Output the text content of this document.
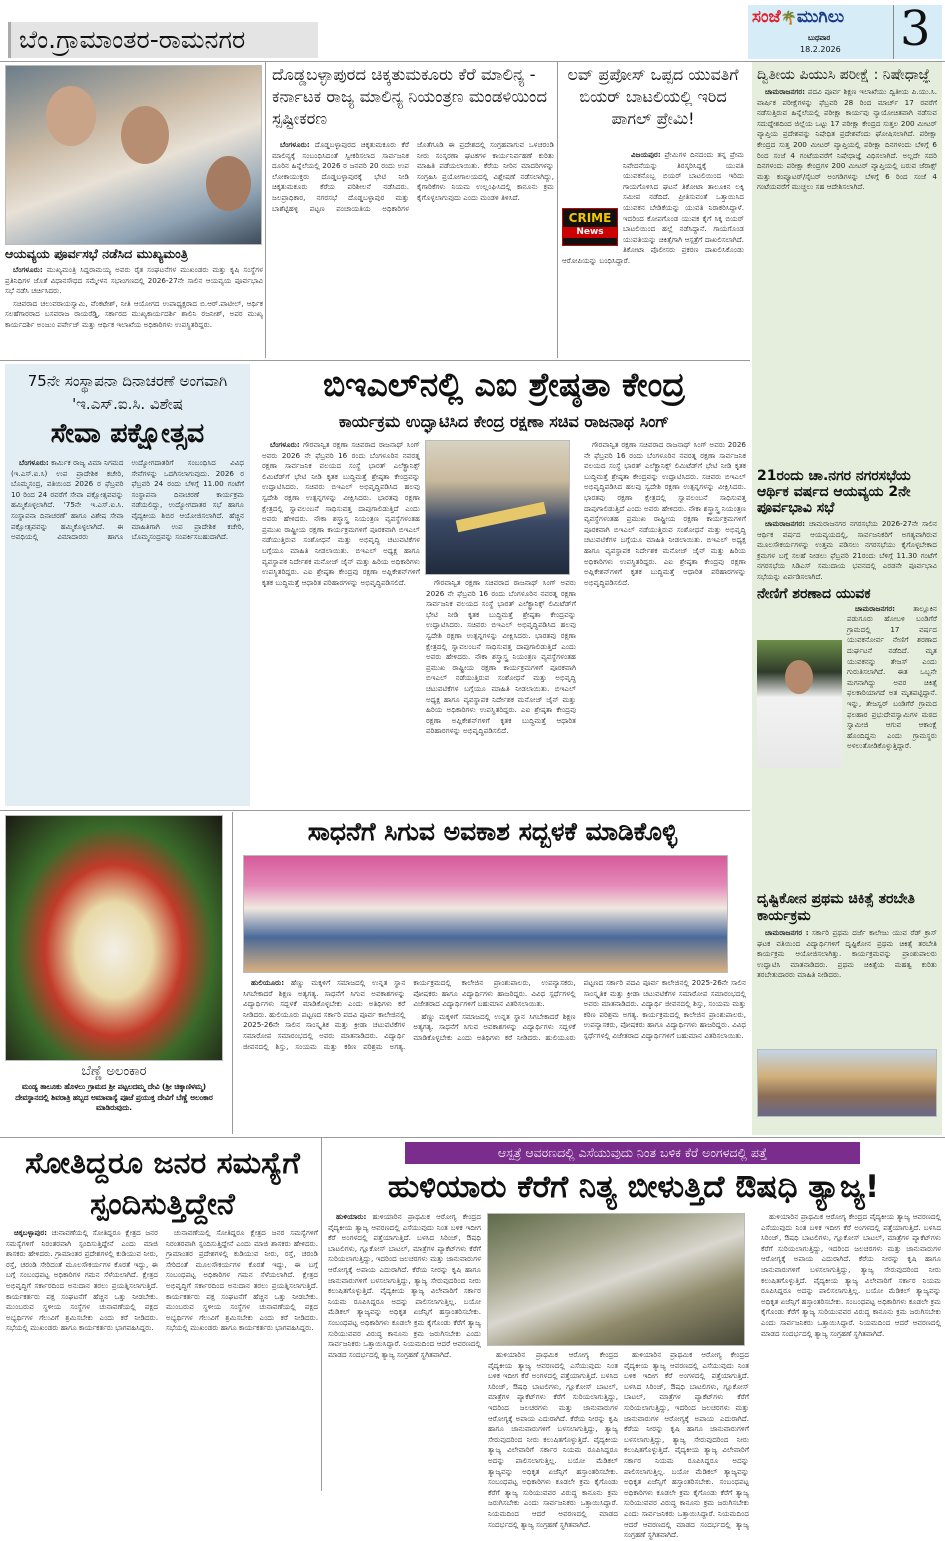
ಬೆಂ.ಗ್ರಾಮಾಂತರ-ರಾಮನಗರ
ಸಂಜೆ🌴ಮುಗಿಲು
ಬುಧವಾರ
18.2.2026 3
ಆಯವ್ಯಯ ಪೂರ್ವಸಭೆ ನಡೆಸಿದ ಮುಖ್ಯಮಂತ್ರಿ

ಬೆಂಗಳೂರು: ಮುಖ್ಯಮಂತ್ರಿ ಸಿದ್ದರಾಮಯ್ಯ ಅವರು ರೈತ ಸಂಘಟನೆಗಳ ಮುಖಂಡರು ಮತ್ತು ಕೃಷಿ ಸಂಸ್ಥೆಗಳ ಪ್ರತಿನಿಧಿಗಳ ಜೊತೆ ವಿಧಾನಸೌಧದ ಸಮ್ಮೇಳನ ಸಭಾಂಗಣದಲ್ಲಿ 2026-27ನೇ ಸಾಲಿನ ಆಯವ್ಯಯ ಪೂರ್ವಭಾವಿ ಸಭೆ ನಡೆಸಿ ಚರ್ಚಿಸಿದರು.

ಸಚಿವರಾದ ಚಲುವರಾಯಸ್ವಾಮಿ, ವೆಂಕಟೇಶ್, ನೀತಿ ಆಯೋಗದ ಉಪಾಧ್ಯಕ್ಷರಾದ ಬಿ.ಆರ್.ಪಾಟೀಲ್, ಆರ್ಥಿಕ ಸಲಹೆಗಾರರಾದ ಬಸವರಾಜ ರಾಯರೆಡ್ಡಿ, ಸರ್ಕಾರದ ಮುಖ್ಯಕಾರ್ಯದರ್ಶಿ ಶಾಲಿನಿ ರಜನೀಶ್, ಅಪರ ಮುಖ್ಯ ಕಾರ್ಯದರ್ಶಿ ಅಂಜುಂ ಪರ್ವೇಜ್ ಮತ್ತು ಆರ್ಥಿಕ ಇಲಾಖೆಯ ಅಧಿಕಾರಿಗಳು ಉಪಸ್ಥಿತರಿದ್ದರು.

ದೊಡ್ಡಬಳ್ಳಾಪುರದ ಚಿಕ್ಕತುಮಕೂರು ಕೆರೆ ಮಾಲಿನ್ಯ - ಕರ್ನಾಟಕ ರಾಜ್ಯ ಮಾಲಿನ್ಯ ನಿಯಂತ್ರಣ ಮಂಡಳಿಯಿಂದ ಸ್ಪಷ್ಟೀಕರಣ

ಬೆಂಗಳೂರು: ದೊಡ್ಡಬಳ್ಳಾಪುರದ ಚಿಕ್ಕತುಮಕೂರು ಕೆರೆ ಮಾಲಿನ್ಯಕ್ಕೆ ಸಂಬಂಧಿಸಿದಂತೆ ಸ್ವೀಕರಿಸಲಾದ ಸಾರ್ವಜನಿಕ ದೂರಿನ ಹಿನ್ನೆಲೆಯಲ್ಲಿ 2026 ರ ಜನವರಿ 20 ರಂದು ಉಪ ಲೋಕಾಯುಕ್ತರು ದೊಡ್ಡಬಳ್ಳಾಪುರಕ್ಕೆ ಭೇಟಿ ನೀಡಿ ಚಿಕ್ಕತುಮಕೂರು ಕೆರೆಯ ಪರಿಶೀಲನೆ ನಡೆಸಿದರು. ಜಲಪ್ರಾಧಿಕಾರ, ನಗರಸಭೆ ದೊಡ್ಡಬಳ್ಳಾಪುರ ಮತ್ತು ಬಾಶೆಟ್ಟಿಹಳ್ಳಿ ಪಟ್ಟಣ ಪಂಚಾಯತಿಯ ಅಧಿಕಾರಿಗಳ ಜೊತೆಗೂಡಿ ಈ ಪ್ರದೇಶದಲ್ಲಿ ಸಂಗ್ರಹವಾಗುವ ಒಳಚರಂಡಿ ನೀರು ಸಂಸ್ಕರಣಾ ಘಟಕಗಳ ಕಾರ್ಯನಿರ್ವಹಣೆ ಕುರಿತು ಮಾಹಿತಿ ಪಡೆಯಲಾಯಿತು. ಕೆರೆಯ ನೀರಿನ ಮಾದರಿಗಳನ್ನು ಸಂಗ್ರಹಿಸಿ ಪ್ರಯೋಗಾಲಯದಲ್ಲಿ ವಿಶ್ಲೇಷಣೆ ನಡೆಸಲಾಗಿದ್ದು, ಕೈಗಾರಿಕೆಗಳು ನಿಯಮ ಉಲ್ಲಂಘಿಸಿದಲ್ಲಿ ಕಾನೂನು ಕ್ರಮ ಕೈಗೊಳ್ಳಲಾಗುವುದು ಎಂದು ಮಂಡಳಿ ತಿಳಿಸಿದೆ.

ಲವ್ ಪ್ರಪೋಸ್ ಒಪ್ಪದ ಯುವತಿಗೆ ಬಿಯರ್ ಬಾಟಲಿಯಲ್ಲಿ ಇರಿದ ಪಾಗಲ್ ಪ್ರೇಮಿ!
CRIME
News

ವಿಜಯಪುರ: ಪ್ರೇಮಿಗಳ ದಿನದಂದು ತನ್ನ ಪ್ರೇಮ ನಿವೇದನೆಯನ್ನು ತಿರಸ್ಕರಿಸಿದ್ದಕ್ಕೆ ಯುವತಿ ಯುವಕನೊಬ್ಬ ಬಿಯರ್ ಬಾಟಲಿಯಿಂದ ಇರಿದು ಗಾಯಗೊಳಿಸಿದ ಘಟನೆ ತಿಕೋಟಾ ತಾಲೂಕಿನ ಲಕ್ಕಿ ಸಮೀಪ ನಡೆದಿದೆ. ಪ್ರೀತಿಸುವಂತೆ ಒತ್ತಾಯಿಸಿದ ಯುವಕನ ಬೇಡಿಕೆಯನ್ನು ಯುವತಿ ನಿರಾಕರಿಸಿದ್ದಾಳೆ. ಇದರಿಂದ ಕೋಪಗೊಂಡ ಯುವಕ ಕೈಗೆ ಸಿಕ್ಕ ಬಿಯರ್ ಬಾಟಲಿಯಿಂದ ಹಲ್ಲೆ ನಡೆಸಿದ್ದಾನೆ. ಗಾಯಗೊಂಡ ಯುವತಿಯನ್ನು ಚಿಕಿತ್ಸೆಗಾಗಿ ಆಸ್ಪತ್ರೆಗೆ ದಾಖಲಿಸಲಾಗಿದೆ. ತಿಕೋಟಾ ಪೊಲೀಸರು ಪ್ರಕರಣ ದಾಖಲಿಸಿಕೊಂಡು ಆರೋಪಿಯನ್ನು ಬಂಧಿಸಿದ್ದಾರೆ.

ದ್ವಿತೀಯ ಪಿಯುಸಿ ಪರೀಕ್ಷೆ : ನಿಷೇಧಾಜ್ಞೆ

ಚಾಮರಾಜನಗರ: ಪದವಿ ಪೂರ್ವ ಶಿಕ್ಷಣ ಇಲಾಖೆಯು ದ್ವಿತೀಯ ಪಿ.ಯು.ಸಿ. ವಾರ್ಷಿಕ ಪರೀಕ್ಷೆಗಳನ್ನು ಫೆಬ್ರವರಿ 28 ರಿಂದ ಮಾರ್ಚ್ 17 ರವರೆಗೆ ನಡೆಸುತ್ತಿರುವ ಹಿನ್ನೆಲೆಯಲ್ಲಿ ಪರೀಕ್ಷಾ ಕಾರ್ಯವು ನ್ಯಾಯೋಚಿತವಾಗಿ ನಡೆಸುವ ಸದುದ್ದೇಶದಿಂದ ಜಿಲ್ಲೆಯ ಒಟ್ಟು 17 ಪರೀಕ್ಷಾ ಕೇಂದ್ರದ ಸುತ್ತಲ 200 ಮೀಟರ್ ವ್ಯಾಪ್ತಿಯ ಪ್ರದೇಶವನ್ನು ನಿಷೇಧಿತ ಪ್ರದೇಶವೆಂದು ಘೋಷಿಸಲಾಗಿದೆ. ಪರೀಕ್ಷಾ ಕೇಂದ್ರದ ಸುತ್ತ 200 ಮೀಟರ್ ವ್ಯಾಪ್ತಿಯಲ್ಲಿ ಪರೀಕ್ಷಾ ದಿನಗಳಂದು ಬೆಳಿಗ್ಗೆ 6 ರಿಂದ ಸಂಜೆ 4 ಗಂಟೆಯವರೆಗೆ ನಿಷೇಧಾಜ್ಞೆ ವಿಧಿಸಲಾಗಿದೆ. ಅಲ್ಲದೇ ಸದರಿ ದಿನಗಳಂದು ಪರೀಕ್ಷಾ ಕೇಂದ್ರಗಳ 200 ಮೀಟರ್ ವ್ಯಾಪ್ತಿಯಲ್ಲಿ ಬರುವ ಜೆರಾಕ್ಸ್ ಮತ್ತು ಕಂಪ್ಯೂಟರ್/ಸೈಬರ್ ಅಂಗಡಿಗಳನ್ನು ಬೆಳಿಗ್ಗೆ 6 ರಿಂದ ಸಂಜೆ 4 ಗಂಟೆಯವರೆಗೆ ಮುಚ್ಚಲು ಸಹ ಆದೇಶಿಸಲಾಗಿದೆ.

21ರಂದು ಚಾ.ನಗರ ನಗರಸಭೆಯ ಆರ್ಥಿಕ ವರ್ಷದ ಆಯವ್ಯಯ 2ನೇ ಪೂರ್ವಭಾವಿ ಸಭೆ

ಚಾಮರಾಜನಗರ: ಚಾಮರಾಜನಗರ ನಗರಸಭೆಯ 2026-27ನೇ ಸಾಲಿನ ಆರ್ಥಿಕ ವರ್ಷದ ಆಯವ್ಯಯದಲ್ಲಿ, ಸಾರ್ವಜನಿಕರಿಗೆ ಅಗತ್ಯವಾಗಿರುವ ಮೂಲಸೌಕರ್ಯಗಳನ್ನು ಉತ್ತಮ ಪಡಿಸಲು ನಗರಸಭೆಯು ಕೈಗೊಳ್ಳಬೇಕಾದ ಕ್ರಮಗಳ ಬಗ್ಗೆ ಸಲಹೆ ನೀಡಲು ಫೆಬ್ರವರಿ 21ರಂದು ಬೆಳಿಗ್ಗೆ 11.30 ಗಂಟೆಗೆ ನಗರಸಭೆಯ ಸಿಡಿಎಸ್ ಸಮುದಾಯ ಭವನದಲ್ಲಿ ಎರಡನೇ ಪೂರ್ವಭಾವಿ ಸಭೆಯನ್ನು ಏರ್ಪಡಿಸಲಾಗಿದೆ.

ನೇಣಿಗೆ ಶರಣಾದ ಯುವಕ

ಚಾಮರಾಜನಗರ:	ತಾಲ್ಲೂಕಿನ ಪಡುಗೂರು ಹೋಬಳಿ ಬಂಡಿಗೆರೆ ಗ್ರಾಮದಲ್ಲಿ 17 ವರ್ಷದ ಯುವಕನೋರ್ವ ನೇಣಿಗೆ ಶರಣಾದ ದುರ್ಘಟನೆ ನಡೆದಿದೆ. ಮೃತ ಯುವಕನನ್ನು ತೇಜಸ್ ಎಂದು ಗುರುತಿಸಲಾಗಿದೆ. ಈತ ಒಬ್ಬನೇ ಮಗನಾಗಿದ್ದು ಅವರ ಚಿಕಿತ್ಸೆ ಫಲಕಾರಿಯಾಗದೆ ಅತ ಮೃತಪಟ್ಟಿದ್ದಾನೆ. ಇನ್ನು, ತೇಜಸ್ವರ್ ಬಂಡಿಗೆರೆ ಗ್ರಾಮದ ಫಲಹಾರ ಪ್ರಭುದೇವಸ್ವಾಮಿಗಳ ಮಠದ ಸ್ವಾಮೀಜಿ ಆಗುವ ಆಕಾಂಕ್ಷೆ ಹೊಂದಿದ್ದನು ಎಂದು ಗ್ರಾಮಸ್ಥರು ಅಳಲುತೋಡಿಕೊಳ್ಳುತ್ತಿದ್ದಾರೆ.

ದೃಷ್ಟಿಕೋನ ಪ್ರಥಮ ಚಿಕಿತ್ಸೆ ತರಬೇತಿ ಕಾರ್ಯಕ್ರಮ

ಚಾಮರಾಜನಗರ : ಸರ್ಕಾರಿ ಪ್ರಥಮ ದರ್ಜೆ ಕಾಲೇಜು ಯುವ ರೆಡ್ ಕ್ರಾಸ್ ಘಟಕ ವತಿಯಿಂದ ವಿದ್ಯಾರ್ಥಿಗಳಿಗೆ ದೃಷ್ಟಿಕೋನ ಪ್ರಥಮ ಚಿಕಿತ್ಸೆ ತರಬೇತಿ ಕಾರ್ಯಕ್ರಮ ಆಯೋಜಿಸಲಾಗಿತ್ತು. ಕಾರ್ಯಕ್ರಮವನ್ನು ಪ್ರಾಂಶುಪಾಲರು ಉದ್ಘಾಟಿಸಿ ಮಾತನಾಡಿದರು. ಪ್ರಥಮ ಚಿಕಿತ್ಸೆಯ ಮಹತ್ವ ಕುರಿತು ತರಬೇತುದಾರರು ಮಾಹಿತಿ ನೀಡಿದರು.

75ನೇ ಸಂಸ್ಥಾಪನಾ ದಿನಾಚರಣೆ ಅಂಗವಾಗಿ 'ಇ.ಎಸ್.ಐ.ಸಿ. ವಿಶೇಷ
ಸೇವಾ ಪಕ್ಷೋತ್ಸವ

ಬೆಂಗಳೂರು: ಕಾರ್ಮಿಕ ರಾಜ್ಯ ವಿಮಾ ನಿಗಮದ (ಇ.ಎಸ್.ಐ.ಸಿ) ಉಪ ಪ್ರಾದೇಶಿಕ ಕಚೇರಿ, ಬೊಮ್ಮಸಂದ್ರ, ವತಿಯಿಂದ 2026 ರ ಫೆಬ್ರವರಿ 10 ರಿಂದ 24 ರವರೆಗೆ ಸೇವಾ ಪಕ್ಷೋತ್ಸವವನ್ನು ಹಮ್ಮಿಕೊಳ್ಳಲಾಗಿದೆ. '75ನೇ ಇ.ಎಸ್.ಐ.ಸಿ. ಸಂಸ್ಥಾಪನಾ ದಿನಾಚರಣೆ' ಹಾಗೂ ವಿಶೇಷ ಸೇವಾ ಪಕ್ಷೋತ್ಸವವನ್ನು ಹಮ್ಮಿಕೊಳ್ಳಲಾಗಿದೆ. ಈ ಅವಧಿಯಲ್ಲಿ ವಿಮಾದಾರರು ಹಾಗೂ ಉದ್ಯೋಗದಾತರಿಗೆ ಸಂಬಂಧಿಸಿದ ವಿವಿಧ ಸೇವೆಗಳನ್ನು ಒದಗಿಸಲಾಗುವುದು. 2026 ರ ಫೆಬ್ರವರಿ 24 ರಂದು ಬೆಳಿಗ್ಗೆ 11.00 ಗಂಟೆಗೆ ಸಂಸ್ಥಾಪನಾ ದಿನಾಚರಣೆ ಕಾರ್ಯಕ್ರಮ ನಡೆಯಲಿದ್ದು, ಉದ್ಯೋಗದಾತರ ಸಭೆ ಹಾಗೂ ವೈದ್ಯಕೀಯ ಶಿಬಿರ ಆಯೋಜಿಸಲಾಗಿದೆ. ಹೆಚ್ಚಿನ ಮಾಹಿತಿಗಾಗಿ ಉಪ ಪ್ರಾದೇಶಿಕ ಕಚೇರಿ, ಬೊಮ್ಮಸಂದ್ರವನ್ನು ಸಂಪರ್ಕಿಸಬಹುದಾಗಿದೆ.

ಬಿಇಎಲ್‌ನಲ್ಲಿ ಎಐ ಶ್ರೇಷ್ಠತಾ ಕೇಂದ್ರ
ಕಾರ್ಯಕ್ರಮ ಉದ್ಘಾಟಿಸಿದ ಕೇಂದ್ರ ರಕ್ಷಣಾ ಸಚಿವ ರಾಜನಾಥ ಸಿಂಗ್

ಬೆಂಗಳೂರು: ಗೌರವಾನ್ವಿತ ರಕ್ಷಣಾ ಸಚಿವರಾದ ರಾಜನಾಥ್ ಸಿಂಗ್ ಅವರು 2026 ನೇ ಫೆಬ್ರವರಿ 16 ರಂದು ಬೆಂಗಳೂರಿನ ನವರತ್ನ ರಕ್ಷಣಾ ಸಾರ್ವಜನಿಕ ವಲಯದ ಸಂಸ್ಥೆ ಭಾರತ್ ಎಲೆಕ್ಟ್ರಾನಿಕ್ಸ್ ಲಿಮಿಟೆಡ್‌ಗೆ ಭೇಟಿ ನೀಡಿ ಕೃತಕ ಬುದ್ಧಿಮತ್ತೆ ಶ್ರೇಷ್ಠತಾ ಕೇಂದ್ರವನ್ನು ಉದ್ಘಾಟಿಸಿದರು. ಸಚಿವರು ಬಿಇಎಲ್ ಅಭಿವೃದ್ಧಿಪಡಿಸಿದ ಹಲವು ಸ್ವದೇಶಿ ರಕ್ಷಣಾ ಉತ್ಪನ್ನಗಳನ್ನು ವೀಕ್ಷಿಸಿದರು. ಭಾರತವು ರಕ್ಷಣಾ ಕ್ಷೇತ್ರದಲ್ಲಿ ಸ್ವಾವಲಂಬನೆ ಸಾಧಿಸುವತ್ತ ದಾಪುಗಾಲಿಡುತ್ತಿದೆ ಎಂದು ಅವರು ಹೇಳಿದರು. ನೌಕಾ ಶಸ್ತ್ರಾಸ್ತ್ರ ನಿಯಂತ್ರಣ ವ್ಯವಸ್ಥೆಗಳಂತಹ ಪ್ರಮುಖ ರಾಷ್ಟ್ರೀಯ ರಕ್ಷಣಾ ಕಾರ್ಯಕ್ರಮಗಳಿಗೆ ಪೂರಕವಾಗಿ ಬಿಇಎಲ್ ನಡೆಯುತ್ತಿರುವ ಸಂಶೋಧನೆ ಮತ್ತು ಅಭಿವೃದ್ಧಿ ಚಟುವಟಿಕೆಗಳ ಬಗ್ಗೆಯೂ ಮಾಹಿತಿ ನೀಡಲಾಯಿತು. ಬಿಇಎಲ್ ಅಧ್ಯಕ್ಷ ಹಾಗೂ ವ್ಯವಸ್ಥಾಪಕ ನಿರ್ದೇಶಕ ಮನೋಜ್ ಜೈನ್ ಮತ್ತು ಹಿರಿಯ ಅಧಿಕಾರಿಗಳು ಉಪಸ್ಥಿತರಿದ್ದರು. ಎಐ ಶ್ರೇಷ್ಠತಾ ಕೇಂದ್ರವು ರಕ್ಷಣಾ ಅಪ್ಲಿಕೇಶನ್‌ಗಳಿಗೆ ಕೃತಕ ಬುದ್ಧಿಮತ್ತೆ ಆಧಾರಿತ ಪರಿಹಾರಗಳನ್ನು ಅಭಿವೃದ್ಧಿಪಡಿಸಲಿದೆ.	ಗೌರವಾನ್ವಿತ ರಕ್ಷಣಾ ಸಚಿವರಾದ ರಾಜನಾಥ್ ಸಿಂಗ್ ಅವರು 2026 ನೇ ಫೆಬ್ರವರಿ 16 ರಂದು ಬೆಂಗಳೂರಿನ ನವರತ್ನ ರಕ್ಷಣಾ ಸಾರ್ವಜನಿಕ ವಲಯದ ಸಂಸ್ಥೆ ಭಾರತ್ ಎಲೆಕ್ಟ್ರಾನಿಕ್ಸ್ ಲಿಮಿಟೆಡ್‌ಗೆ ಭೇಟಿ ನೀಡಿ ಕೃತಕ ಬುದ್ಧಿಮತ್ತೆ ಶ್ರೇಷ್ಠತಾ ಕೇಂದ್ರವನ್ನು ಉದ್ಘಾಟಿಸಿದರು. ಸಚಿವರು ಬಿಇಎಲ್ ಅಭಿವೃದ್ಧಿಪಡಿಸಿದ ಹಲವು ಸ್ವದೇಶಿ ರಕ್ಷಣಾ ಉತ್ಪನ್ನಗಳನ್ನು ವೀಕ್ಷಿಸಿದರು. ಭಾರತವು ರಕ್ಷಣಾ ಕ್ಷೇತ್ರದಲ್ಲಿ ಸ್ವಾವಲಂಬನೆ ಸಾಧಿಸುವತ್ತ ದಾಪುಗಾಲಿಡುತ್ತಿದೆ ಎಂದು ಅವರು ಹೇಳಿದರು. ನೌಕಾ ಶಸ್ತ್ರಾಸ್ತ್ರ ನಿಯಂತ್ರಣ ವ್ಯವಸ್ಥೆಗಳಂತಹ ಪ್ರಮುಖ ರಾಷ್ಟ್ರೀಯ ರಕ್ಷಣಾ ಕಾರ್ಯಕ್ರಮಗಳಿಗೆ ಪೂರಕವಾಗಿ ಬಿಇಎಲ್ ನಡೆಯುತ್ತಿರುವ ಸಂಶೋಧನೆ ಮತ್ತು ಅಭಿವೃದ್ಧಿ ಚಟುವಟಿಕೆಗಳ ಬಗ್ಗೆಯೂ ಮಾಹಿತಿ ನೀಡಲಾಯಿತು. ಬಿಇಎಲ್ ಅಧ್ಯಕ್ಷ ಹಾಗೂ ವ್ಯವಸ್ಥಾಪಕ ನಿರ್ದೇಶಕ ಮನೋಜ್ ಜೈನ್ ಮತ್ತು ಹಿರಿಯ ಅಧಿಕಾರಿಗಳು ಉಪಸ್ಥಿತರಿದ್ದರು. ಎಐ ಶ್ರೇಷ್ಠತಾ ಕೇಂದ್ರವು ರಕ್ಷಣಾ ಅಪ್ಲಿಕೇಶನ್‌ಗಳಿಗೆ ಕೃತಕ ಬುದ್ಧಿಮತ್ತೆ ಆಧಾರಿತ ಪರಿಹಾರಗಳನ್ನು ಅಭಿವೃದ್ಧಿಪಡಿಸಲಿದೆ.

ಗೌರವಾನ್ವಿತ ರಕ್ಷಣಾ ಸಚಿವರಾದ ರಾಜನಾಥ್ ಸಿಂಗ್ ಅವರು 2026 ನೇ ಫೆಬ್ರವರಿ 16 ರಂದು ಬೆಂಗಳೂರಿನ ನವರತ್ನ ರಕ್ಷಣಾ ಸಾರ್ವಜನಿಕ ವಲಯದ ಸಂಸ್ಥೆ ಭಾರತ್ ಎಲೆಕ್ಟ್ರಾನಿಕ್ಸ್ ಲಿಮಿಟೆಡ್‌ಗೆ ಭೇಟಿ ನೀಡಿ ಕೃತಕ ಬುದ್ಧಿಮತ್ತೆ ಶ್ರೇಷ್ಠತಾ ಕೇಂದ್ರವನ್ನು ಉದ್ಘಾಟಿಸಿದರು. ಸಚಿವರು ಬಿಇಎಲ್ ಅಭಿವೃದ್ಧಿಪಡಿಸಿದ ಹಲವು ಸ್ವದೇಶಿ ರಕ್ಷಣಾ ಉತ್ಪನ್ನಗಳನ್ನು ವೀಕ್ಷಿಸಿದರು. ಭಾರತವು ರಕ್ಷಣಾ ಕ್ಷೇತ್ರದಲ್ಲಿ ಸ್ವಾವಲಂಬನೆ ಸಾಧಿಸುವತ್ತ ದಾಪುಗಾಲಿಡುತ್ತಿದೆ ಎಂದು ಅವರು ಹೇಳಿದರು. ನೌಕಾ ಶಸ್ತ್ರಾಸ್ತ್ರ ನಿಯಂತ್ರಣ ವ್ಯವಸ್ಥೆಗಳಂತಹ ಪ್ರಮುಖ ರಾಷ್ಟ್ರೀಯ ರಕ್ಷಣಾ ಕಾರ್ಯಕ್ರಮಗಳಿಗೆ ಪೂರಕವಾಗಿ ಬಿಇಎಲ್ ನಡೆಯುತ್ತಿರುವ ಸಂಶೋಧನೆ ಮತ್ತು ಅಭಿವೃದ್ಧಿ ಚಟುವಟಿಕೆಗಳ ಬಗ್ಗೆಯೂ ಮಾಹಿತಿ ನೀಡಲಾಯಿತು. ಬಿಇಎಲ್ ಅಧ್ಯಕ್ಷ ಹಾಗೂ ವ್ಯವಸ್ಥಾಪಕ ನಿರ್ದೇಶಕ ಮನೋಜ್ ಜೈನ್ ಮತ್ತು ಹಿರಿಯ ಅಧಿಕಾರಿಗಳು ಉಪಸ್ಥಿತರಿದ್ದರು. ಎಐ ಶ್ರೇಷ್ಠತಾ ಕೇಂದ್ರವು ರಕ್ಷಣಾ ಅಪ್ಲಿಕೇಶನ್‌ಗಳಿಗೆ ಕೃತಕ ಬುದ್ಧಿಮತ್ತೆ ಆಧಾರಿತ ಪರಿಹಾರಗಳನ್ನು ಅಭಿವೃದ್ಧಿಪಡಿಸಲಿದೆ.

ಬೆಣ್ಣೆ ಅಲಂಕಾರ
ಮಂಡ್ಯ ತಾಲೂಕು ಹೊಳಲು ಗ್ರಾಮದ ಶ್ರೀ ಪಟ್ಟಲದಮ್ಮ ದೇವಿ (ಶ್ರೀ ಚಿಕ್ಕಾಣಿಳಮ್ಮ) ದೇವಸ್ಥಾನದಲ್ಲಿ ಶಿವರಾತ್ರಿ ಹಬ್ಬದ ಅಮಾವಾಸ್ಯೆ ಪೂಜೆ ಪ್ರಯುಕ್ತ ದೇವಿಗೆ ಬೆಣ್ಣೆ ಅಲಂಕಾರ ಮಾಡಿರುವುದು.
ಸಾಧನೆಗೆ ಸಿಗುವ ಅವಕಾಶ ಸದ್ಬಳಕೆ ಮಾಡಿಕೊಳ್ಳಿ

ಹುಲಿಯೂರು: ಹೆಣ್ಣು ಮಕ್ಕಳಿಗೆ ಸಮಾಜದಲ್ಲಿ ಉನ್ನತ ಸ್ಥಾನ ಸಿಗಬೇಕಾದರೆ ಶಿಕ್ಷಣ ಅತ್ಯಗತ್ಯ. ಸಾಧನೆಗೆ ಸಿಗುವ ಅವಕಾಶಗಳನ್ನು ವಿದ್ಯಾರ್ಥಿಗಳು ಸದ್ಬಳಕೆ ಮಾಡಿಕೊಳ್ಳಬೇಕು ಎಂದು ಅತಿಥಿಗಳು ಕರೆ ನೀಡಿದರು. ಹುಲಿಯೂರು ಪಟ್ಟಣದ ಸರ್ಕಾರಿ ಪದವಿ ಪೂರ್ವ ಕಾಲೇಜಿನಲ್ಲಿ 2025-26ನೇ ಸಾಲಿನ ಸಾಂಸ್ಕೃತಿಕ ಮತ್ತು ಕ್ರೀಡಾ ಚಟುವಟಿಕೆಗಳ ಸಮಾರೋಪ ಸಮಾರಂಭದಲ್ಲಿ ಅವರು ಮಾತನಾಡಿದರು. ವಿದ್ಯಾರ್ಥಿ ಜೀವನದಲ್ಲಿ ಶಿಸ್ತು, ಸಂಯಮ ಮತ್ತು ಕಠಿಣ ಪರಿಶ್ರಮ ಅಗತ್ಯ. ಕಾರ್ಯಕ್ರಮದಲ್ಲಿ ಕಾಲೇಜಿನ ಪ್ರಾಂಶುಪಾಲರು, ಉಪನ್ಯಾಸಕರು, ಪೋಷಕರು ಹಾಗೂ ವಿದ್ಯಾರ್ಥಿಗಳು ಹಾಜರಿದ್ದರು. ವಿವಿಧ ಸ್ಪರ್ಧೆಗಳಲ್ಲಿ ವಿಜೇತರಾದ ವಿದ್ಯಾರ್ಥಿಗಳಿಗೆ ಬಹುಮಾನ ವಿತರಿಸಲಾಯಿತು.

ಹೆಣ್ಣು ಮಕ್ಕಳಿಗೆ ಸಮಾಜದಲ್ಲಿ ಉನ್ನತ ಸ್ಥಾನ ಸಿಗಬೇಕಾದರೆ ಶಿಕ್ಷಣ ಅತ್ಯಗತ್ಯ. ಸಾಧನೆಗೆ ಸಿಗುವ ಅವಕಾಶಗಳನ್ನು ವಿದ್ಯಾರ್ಥಿಗಳು ಸದ್ಬಳಕೆ ಮಾಡಿಕೊಳ್ಳಬೇಕು ಎಂದು ಅತಿಥಿಗಳು ಕರೆ ನೀಡಿದರು. ಹುಲಿಯೂರು ಪಟ್ಟಣದ ಸರ್ಕಾರಿ ಪದವಿ ಪೂರ್ವ ಕಾಲೇಜಿನಲ್ಲಿ 2025-26ನೇ ಸಾಲಿನ ಸಾಂಸ್ಕೃತಿಕ ಮತ್ತು ಕ್ರೀಡಾ ಚಟುವಟಿಕೆಗಳ ಸಮಾರೋಪ ಸಮಾರಂಭದಲ್ಲಿ ಅವರು ಮಾತನಾಡಿದರು. ವಿದ್ಯಾರ್ಥಿ ಜೀವನದಲ್ಲಿ ಶಿಸ್ತು, ಸಂಯಮ ಮತ್ತು ಕಠಿಣ ಪರಿಶ್ರಮ ಅಗತ್ಯ. ಕಾರ್ಯಕ್ರಮದಲ್ಲಿ ಕಾಲೇಜಿನ ಪ್ರಾಂಶುಪಾಲರು, ಉಪನ್ಯಾಸಕರು, ಪೋಷಕರು ಹಾಗೂ ವಿದ್ಯಾರ್ಥಿಗಳು ಹಾಜರಿದ್ದರು. ವಿವಿಧ ಸ್ಪರ್ಧೆಗಳಲ್ಲಿ ವಿಜೇತರಾದ ವಿದ್ಯಾರ್ಥಿಗಳಿಗೆ ಬಹುಮಾನ ವಿತರಿಸಲಾಯಿತು.

ಸೋತಿದ್ದರೂ ಜನರ ಸಮಸ್ಯೆಗೆ ಸ್ಪಂದಿಸುತ್ತಿದ್ದೇನೆ

ಚಿಕ್ಕಬಳ್ಳಾಪುರ: ಚುನಾವಣೆಯಲ್ಲಿ ಸೋತಿದ್ದರೂ ಕ್ಷೇತ್ರದ ಜನರ ಸಮಸ್ಯೆಗಳಿಗೆ ನಿರಂತರವಾಗಿ ಸ್ಪಂದಿಸುತ್ತಿದ್ದೇನೆ ಎಂದು ಮಾಜಿ ಶಾಸಕರು ಹೇಳಿದರು. ಗ್ರಾಮಾಂತರ ಪ್ರದೇಶಗಳಲ್ಲಿ ಕುಡಿಯುವ ನೀರು, ರಸ್ತೆ, ಚರಂಡಿ ಸೇರಿದಂತೆ ಮೂಲಸೌಕರ್ಯಗಳ ಕೊರತೆ ಇದ್ದು, ಈ ಬಗ್ಗೆ ಸಂಬಂಧಪಟ್ಟ ಅಧಿಕಾರಿಗಳ ಗಮನ ಸೆಳೆಯಲಾಗಿದೆ. ಕ್ಷೇತ್ರದ ಅಭಿವೃದ್ಧಿಗೆ ಸರ್ಕಾರದಿಂದ ಅನುದಾನ ತರಲು ಪ್ರಯತ್ನಿಸಲಾಗುತ್ತಿದೆ. ಕಾರ್ಯಕರ್ತರು ಪಕ್ಷ ಸಂಘಟನೆಗೆ ಹೆಚ್ಚಿನ ಒತ್ತು ನೀಡಬೇಕು. ಮುಂಬರುವ ಸ್ಥಳೀಯ ಸಂಸ್ಥೆಗಳ ಚುನಾವಣೆಯಲ್ಲಿ ಪಕ್ಷದ ಅಭ್ಯರ್ಥಿಗಳ ಗೆಲುವಿಗೆ ಶ್ರಮಿಸಬೇಕು ಎಂದು ಕರೆ ನೀಡಿದರು. ಸಭೆಯಲ್ಲಿ ಮುಖಂಡರು ಹಾಗೂ ಕಾರ್ಯಕರ್ತರು ಭಾಗವಹಿಸಿದ್ದರು.

ಚುನಾವಣೆಯಲ್ಲಿ ಸೋತಿದ್ದರೂ ಕ್ಷೇತ್ರದ ಜನರ ಸಮಸ್ಯೆಗಳಿಗೆ ನಿರಂತರವಾಗಿ ಸ್ಪಂದಿಸುತ್ತಿದ್ದೇನೆ ಎಂದು ಮಾಜಿ ಶಾಸಕರು ಹೇಳಿದರು. ಗ್ರಾಮಾಂತರ ಪ್ರದೇಶಗಳಲ್ಲಿ ಕುಡಿಯುವ ನೀರು, ರಸ್ತೆ, ಚರಂಡಿ ಸೇರಿದಂತೆ ಮೂಲಸೌಕರ್ಯಗಳ ಕೊರತೆ ಇದ್ದು, ಈ ಬಗ್ಗೆ ಸಂಬಂಧಪಟ್ಟ ಅಧಿಕಾರಿಗಳ ಗಮನ ಸೆಳೆಯಲಾಗಿದೆ. ಕ್ಷೇತ್ರದ ಅಭಿವೃದ್ಧಿಗೆ ಸರ್ಕಾರದಿಂದ ಅನುದಾನ ತರಲು ಪ್ರಯತ್ನಿಸಲಾಗುತ್ತಿದೆ. ಕಾರ್ಯಕರ್ತರು ಪಕ್ಷ ಸಂಘಟನೆಗೆ ಹೆಚ್ಚಿನ ಒತ್ತು ನೀಡಬೇಕು. ಮುಂಬರುವ ಸ್ಥಳೀಯ ಸಂಸ್ಥೆಗಳ ಚುನಾವಣೆಯಲ್ಲಿ ಪಕ್ಷದ ಅಭ್ಯರ್ಥಿಗಳ ಗೆಲುವಿಗೆ ಶ್ರಮಿಸಬೇಕು ಎಂದು ಕರೆ ನೀಡಿದರು. ಸಭೆಯಲ್ಲಿ ಮುಖಂಡರು ಹಾಗೂ ಕಾರ್ಯಕರ್ತರು ಭಾಗವಹಿಸಿದ್ದರು.

ಆಸ್ಪತ್ರೆ ಆವರಣದಲ್ಲಿ ಎಸೆಯುವುದು ನಿಂತ ಬಳಿಕ ಕೆರೆ ಅಂಗಳದಲ್ಲಿ ಪತ್ತೆ
ಹುಳಿಯಾರು ಕೆರೆಗೆ ನಿತ್ಯ ಬೀಳುತ್ತಿದೆ ಔಷಧಿ ತ್ಯಾಜ್ಯ!

ಹುಳಿಯಾರು: ಹುಳಿಯಾರಿನ ಪ್ರಾಥಮಿಕ ಆರೋಗ್ಯ ಕೇಂದ್ರದ ವೈದ್ಯಕೀಯ ತ್ಯಾಜ್ಯ ಆವರಣದಲ್ಲಿ ಎಸೆಯುವುದು ನಿಂತ ಬಳಿಕ ಇದೀಗ ಕೆರೆ ಅಂಗಳದಲ್ಲಿ ಪತ್ತೆಯಾಗುತ್ತಿದೆ. ಬಳಸಿದ ಸಿರಿಂಜ್, ಔಷಧಿ ಬಾಟಲಿಗಳು, ಗ್ಲೂಕೋಸ್ ಬಾಟಲ್, ಮಾತ್ರೆಗಳ ಪ್ಯಾಕೆಟ್‌ಗಳು ಕೆರೆಗೆ ಸುರಿಯಲಾಗುತ್ತಿದ್ದು, ಇದರಿಂದ ಜಲಚರಗಳು ಮತ್ತು ಜಾನುವಾರುಗಳ ಆರೋಗ್ಯಕ್ಕೆ ಅಪಾಯ ಎದುರಾಗಿದೆ. ಕೆರೆಯ ನೀರನ್ನು ಕೃಷಿ ಹಾಗೂ ಜಾನುವಾರುಗಳಿಗೆ ಬಳಸಲಾಗುತ್ತಿದ್ದು, ತ್ಯಾಜ್ಯ ಸೇರುವುದರಿಂದ ನೀರು ಕಲುಷಿತಗೊಳ್ಳುತ್ತಿದೆ. ವೈದ್ಯಕೀಯ ತ್ಯಾಜ್ಯ ವಿಲೇವಾರಿಗೆ ಸರ್ಕಾರ ನಿಯಮ ರೂಪಿಸಿದ್ದರೂ ಅದನ್ನು ಪಾಲಿಸಲಾಗುತ್ತಿಲ್ಲ. ಬಯೋ ಮೆಡಿಕಲ್ ತ್ಯಾಜ್ಯವನ್ನು ಅಧಿಕೃತ ಏಜೆನ್ಸಿಗೆ ಹಸ್ತಾಂತರಿಸಬೇಕು. ಸಂಬಂಧಪಟ್ಟ ಅಧಿಕಾರಿಗಳು ಕೂಡಲೇ ಕ್ರಮ ಕೈಗೊಂಡು ಕೆರೆಗೆ ತ್ಯಾಜ್ಯ ಸುರಿಯುವವರ ವಿರುದ್ಧ ಕಾನೂನು ಕ್ರಮ ಜರುಗಿಸಬೇಕು ಎಂದು ಸಾರ್ವಜನಿಕರು ಒತ್ತಾಯಿಸಿದ್ದಾರೆ. ನಿಯಮದಿಂದ ಆದರೆ ಆವರಣದಲ್ಲಿ ಮಾಡದ ಸಂದರ್ಭದಲ್ಲಿ ತ್ಯಾಜ್ಯ ಸಂಗ್ರಹಣೆ ಸ್ಥಗಿತವಾಗಿದೆ.	ಹುಳಿಯಾರಿನ ಪ್ರಾಥಮಿಕ ಆರೋಗ್ಯ ಕೇಂದ್ರದ ವೈದ್ಯಕೀಯ ತ್ಯಾಜ್ಯ ಆವರಣದಲ್ಲಿ ಎಸೆಯುವುದು ನಿಂತ ಬಳಿಕ ಇದೀಗ ಕೆರೆ ಅಂಗಳದಲ್ಲಿ ಪತ್ತೆಯಾಗುತ್ತಿದೆ. ಬಳಸಿದ ಸಿರಿಂಜ್, ಔಷಧಿ ಬಾಟಲಿಗಳು, ಗ್ಲೂಕೋಸ್ ಬಾಟಲ್, ಮಾತ್ರೆಗಳ ಪ್ಯಾಕೆಟ್‌ಗಳು ಕೆರೆಗೆ ಸುರಿಯಲಾಗುತ್ತಿದ್ದು, ಇದರಿಂದ ಜಲಚರಗಳು ಮತ್ತು ಜಾನುವಾರುಗಳ ಆರೋಗ್ಯಕ್ಕೆ ಅಪಾಯ ಎದುರಾಗಿದೆ. ಕೆರೆಯ ನೀರನ್ನು ಕೃಷಿ ಹಾಗೂ ಜಾನುವಾರುಗಳಿಗೆ ಬಳಸಲಾಗುತ್ತಿದ್ದು, ತ್ಯಾಜ್ಯ ಸೇರುವುದರಿಂದ ನೀರು ಕಲುಷಿತಗೊಳ್ಳುತ್ತಿದೆ. ವೈದ್ಯಕೀಯ ತ್ಯಾಜ್ಯ ವಿಲೇವಾರಿಗೆ ಸರ್ಕಾರ ನಿಯಮ ರೂಪಿಸಿದ್ದರೂ ಅದನ್ನು ಪಾಲಿಸಲಾಗುತ್ತಿಲ್ಲ. ಬಯೋ ಮೆಡಿಕಲ್ ತ್ಯಾಜ್ಯವನ್ನು ಅಧಿಕೃತ ಏಜೆನ್ಸಿಗೆ ಹಸ್ತಾಂತರಿಸಬೇಕು. ಸಂಬಂಧಪಟ್ಟ ಅಧಿಕಾರಿಗಳು ಕೂಡಲೇ ಕ್ರಮ ಕೈಗೊಂಡು ಕೆರೆಗೆ ತ್ಯಾಜ್ಯ ಸುರಿಯುವವರ ವಿರುದ್ಧ ಕಾನೂನು ಕ್ರಮ ಜರುಗಿಸಬೇಕು ಎಂದು ಸಾರ್ವಜನಿಕರು ಒತ್ತಾಯಿಸಿದ್ದಾರೆ. ನಿಯಮದಿಂದ ಆದರೆ ಆವರಣದಲ್ಲಿ ಮಾಡದ ಸಂದರ್ಭದಲ್ಲಿ ತ್ಯಾಜ್ಯ ಸಂಗ್ರಹಣೆ ಸ್ಥಗಿತವಾಗಿದೆ.

ಹುಳಿಯಾರಿನ ಪ್ರಾಥಮಿಕ ಆರೋಗ್ಯ ಕೇಂದ್ರದ ವೈದ್ಯಕೀಯ ತ್ಯಾಜ್ಯ ಆವರಣದಲ್ಲಿ ಎಸೆಯುವುದು ನಿಂತ ಬಳಿಕ ಇದೀಗ ಕೆರೆ ಅಂಗಳದಲ್ಲಿ ಪತ್ತೆಯಾಗುತ್ತಿದೆ. ಬಳಸಿದ ಸಿರಿಂಜ್, ಔಷಧಿ ಬಾಟಲಿಗಳು, ಗ್ಲೂಕೋಸ್ ಬಾಟಲ್, ಮಾತ್ರೆಗಳ ಪ್ಯಾಕೆಟ್‌ಗಳು ಕೆರೆಗೆ ಸುರಿಯಲಾಗುತ್ತಿದ್ದು, ಇದರಿಂದ ಜಲಚರಗಳು ಮತ್ತು ಜಾನುವಾರುಗಳ ಆರೋಗ್ಯಕ್ಕೆ ಅಪಾಯ ಎದುರಾಗಿದೆ. ಕೆರೆಯ ನೀರನ್ನು ಕೃಷಿ ಹಾಗೂ ಜಾನುವಾರುಗಳಿಗೆ ಬಳಸಲಾಗುತ್ತಿದ್ದು, ತ್ಯಾಜ್ಯ ಸೇರುವುದರಿಂದ ನೀರು ಕಲುಷಿತಗೊಳ್ಳುತ್ತಿದೆ. ವೈದ್ಯಕೀಯ ತ್ಯಾಜ್ಯ ವಿಲೇವಾರಿಗೆ ಸರ್ಕಾರ ನಿಯಮ ರೂಪಿಸಿದ್ದರೂ ಅದನ್ನು ಪಾಲಿಸಲಾಗುತ್ತಿಲ್ಲ. ಬಯೋ ಮೆಡಿಕಲ್ ತ್ಯಾಜ್ಯವನ್ನು ಅಧಿಕೃತ ಏಜೆನ್ಸಿಗೆ ಹಸ್ತಾಂತರಿಸಬೇಕು. ಸಂಬಂಧಪಟ್ಟ ಅಧಿಕಾರಿಗಳು ಕೂಡಲೇ ಕ್ರಮ ಕೈಗೊಂಡು ಕೆರೆಗೆ ತ್ಯಾಜ್ಯ ಸುರಿಯುವವರ ವಿರುದ್ಧ ಕಾನೂನು ಕ್ರಮ ಜರುಗಿಸಬೇಕು ಎಂದು ಸಾರ್ವಜನಿಕರು ಒತ್ತಾಯಿಸಿದ್ದಾರೆ. ನಿಯಮದಿಂದ ಆದರೆ ಆವರಣದಲ್ಲಿ ಮಾಡದ ಸಂದರ್ಭದಲ್ಲಿ ತ್ಯಾಜ್ಯ ಸಂಗ್ರಹಣೆ ಸ್ಥಗಿತವಾಗಿದೆ.

ಹುಳಿಯಾರಿನ ಪ್ರಾಥಮಿಕ ಆರೋಗ್ಯ ಕೇಂದ್ರದ ವೈದ್ಯಕೀಯ ತ್ಯಾಜ್ಯ ಆವರಣದಲ್ಲಿ ಎಸೆಯುವುದು ನಿಂತ ಬಳಿಕ ಇದೀಗ ಕೆರೆ ಅಂಗಳದಲ್ಲಿ ಪತ್ತೆಯಾಗುತ್ತಿದೆ. ಬಳಸಿದ ಸಿರಿಂಜ್, ಔಷಧಿ ಬಾಟಲಿಗಳು, ಗ್ಲೂಕೋಸ್ ಬಾಟಲ್, ಮಾತ್ರೆಗಳ ಪ್ಯಾಕೆಟ್‌ಗಳು ಕೆರೆಗೆ ಸುರಿಯಲಾಗುತ್ತಿದ್ದು, ಇದರಿಂದ ಜಲಚರಗಳು ಮತ್ತು ಜಾನುವಾರುಗಳ ಆರೋಗ್ಯಕ್ಕೆ ಅಪಾಯ ಎದುರಾಗಿದೆ. ಕೆರೆಯ ನೀರನ್ನು ಕೃಷಿ ಹಾಗೂ ಜಾನುವಾರುಗಳಿಗೆ ಬಳಸಲಾಗುತ್ತಿದ್ದು, ತ್ಯಾಜ್ಯ ಸೇರುವುದರಿಂದ ನೀರು ಕಲುಷಿತಗೊಳ್ಳುತ್ತಿದೆ. ವೈದ್ಯಕೀಯ ತ್ಯಾಜ್ಯ ವಿಲೇವಾರಿಗೆ ಸರ್ಕಾರ ನಿಯಮ ರೂಪಿಸಿದ್ದರೂ ಅದನ್ನು ಪಾಲಿಸಲಾಗುತ್ತಿಲ್ಲ. ಬಯೋ ಮೆಡಿಕಲ್ ತ್ಯಾಜ್ಯವನ್ನು ಅಧಿಕೃತ ಏಜೆನ್ಸಿಗೆ ಹಸ್ತಾಂತರಿಸಬೇಕು. ಸಂಬಂಧಪಟ್ಟ ಅಧಿಕಾರಿಗಳು ಕೂಡಲೇ ಕ್ರಮ ಕೈಗೊಂಡು ಕೆರೆಗೆ ತ್ಯಾಜ್ಯ ಸುರಿಯುವವರ ವಿರುದ್ಧ ಕಾನೂನು ಕ್ರಮ ಜರುಗಿಸಬೇಕು ಎಂದು ಸಾರ್ವಜನಿಕರು ಒತ್ತಾಯಿಸಿದ್ದಾರೆ. ನಿಯಮದಿಂದ ಆದರೆ ಆವರಣದಲ್ಲಿ ಮಾಡದ ಸಂದರ್ಭದಲ್ಲಿ ತ್ಯಾಜ್ಯ ಸಂಗ್ರಹಣೆ ಸ್ಥಗಿತವಾಗಿದೆ.
